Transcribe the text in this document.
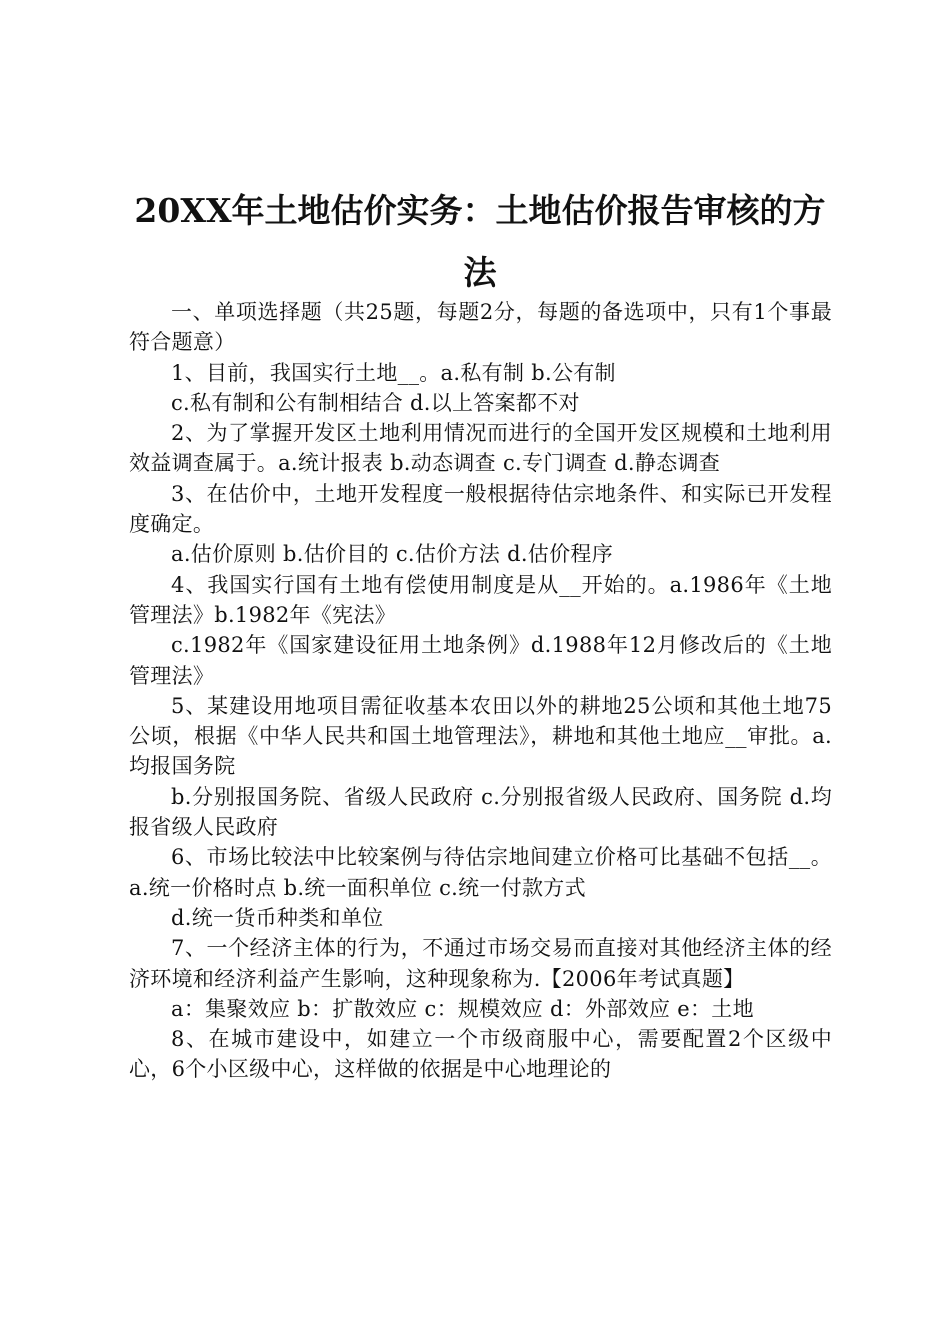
20XX年土地估价实务：土地估价报告审核的方法

一、单项选择题（共25题，每题2分，每题的备选项中，只有1个事最符合题意）

1、目前，我国实行土地__。a.私有制 b.公有制

c.私有制和公有制相结合 d.以上答案都不对

2、为了掌握开发区土地利用情况而进行的全国开发区规模和土地利用效益调查属于。a.统计报表 b.动态调查 c.专门调查 d.静态调查

3、在估价中，土地开发程度一般根据待估宗地条件、和实际已开发程度确定。

a.估价原则 b.估价目的 c.估价方法 d.估价程序

4、我国实行国有土地有偿使用制度是从__开始的。a.1986年《土地管理法》b.1982年《宪法》

c.1982年《国家建设征用土地条例》d.1988年12月修改后的《土地管理法》

5、某建设用地项目需征收基本农田以外的耕地25公顷和其他土地75公顷，根据《中华人民共和国土地管理法》，耕地和其他土地应__审批。a.均报国务院

b.分别报国务院、省级人民政府 c.分别报省级人民政府、国务院 d.均报省级人民政府

6、市场比较法中比较案例与待估宗地间建立价格可比基础不包括__。a.统一价格时点 b.统一面积单位 c.统一付款方式

d.统一货币种类和单位

7、一个经济主体的行为，不通过市场交易而直接对其他经济主体的经济环境和经济利益产生影响，这种现象称为.【2006年考试真题】

a：集聚效应 b：扩散效应 c：规模效应 d：外部效应 e：土地

8、在城市建设中，如建立一个市级商服中心，需要配置2个区级中心，6个小区级中心，这样做的依据是中心地理论的
